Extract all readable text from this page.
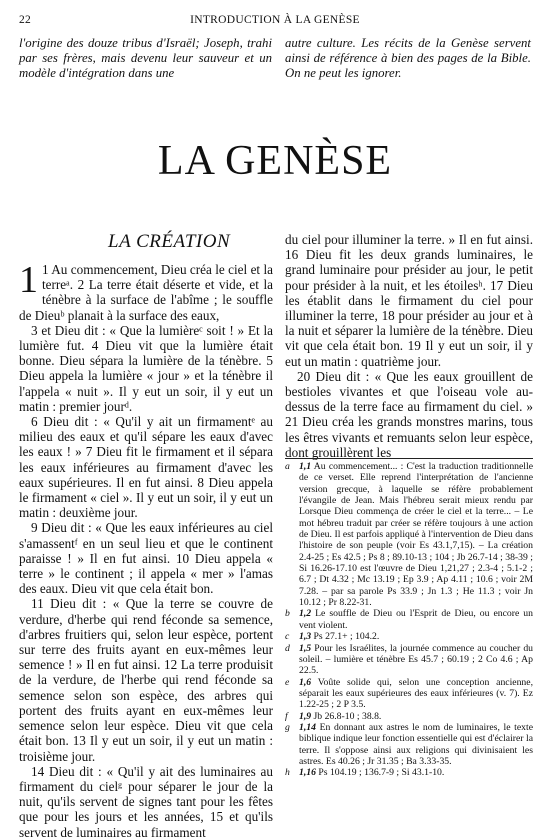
22	INTRODUCTION À LA GENÈSE

l'origine des douze tribus d'Israël; Joseph, trahi par ses frères, mais devenu leur sauveur et un modèle d'intégration dans une

autre culture. Les récits de la Genèse servent ainsi de référence à bien des pages de la Bible. On ne peut les ignorer.

LA GENÈSE
LA CRÉATION
1 1 Au commencement, Dieu créa le ciel et la terreᵃ. 2 La terre était déserte et vide, et la ténèbre à la surface de l'abîme ; le souffle de Dieuᵇ planait à la surface des eaux,

3 et Dieu dit : « Que la lumièreᶜ soit ! » Et la lumière fut. 4 Dieu vit que la lumière était bonne. Dieu sépara la lumière de la ténèbre. 5 Dieu appela la lumière « jour » et la ténèbre il l'appela « nuit ». Il y eut un soir, il y eut un matin : premier jourᵈ.

6 Dieu dit : « Qu'il y ait un firmamentᵉ au milieu des eaux et qu'il sépare les eaux d'avec les eaux ! » 7 Dieu fit le firmament et il sépara les eaux inférieures au firmament d'avec les eaux supérieures. Il en fut ainsi. 8 Dieu appela le firmament « ciel ». Il y eut un soir, il y eut un matin : deuxième jour.

9 Dieu dit : « Que les eaux inférieures au ciel s'amassentᶠ en un seul lieu et que le continent paraisse ! » Il en fut ainsi. 10 Dieu appela « terre » le continent ; il appela « mer » l'amas des eaux. Dieu vit que cela était bon.

11 Dieu dit : « Que la terre se couvre de verdure, d'herbe qui rend féconde sa semence, d'arbres fruitiers qui, selon leur espèce, portent sur terre des fruits ayant en eux-mêmes leur semence ! » Il en fut ainsi. 12 La terre produisit de la verdure, de l'herbe qui rend féconde sa semence selon son espèce, des arbres qui portent des fruits ayant en eux-mêmes leur semence selon leur espèce. Dieu vit que cela était bon. 13 Il y eut un soir, il y eut un matin : troisième jour.

14 Dieu dit : « Qu'il y ait des luminaires au firmament du cielᵍ pour séparer le jour de la nuit, qu'ils servent de signes tant pour les fêtes que pour les jours et les années, 15 et qu'ils servent de luminaires au firmament

du ciel pour illuminer la terre. » Il en fut ainsi. 16 Dieu fit les deux grands luminaires, le grand luminaire pour présider au jour, le petit pour présider à la nuit, et les étoilesʰ. 17 Dieu les établit dans le firmament du ciel pour illuminer la terre, 18 pour présider au jour et à la nuit et séparer la lumière de la ténèbre. Dieu vit que cela était bon. 19 Il y eut un soir, il y eut un matin : quatrième jour.

20 Dieu dit : « Que les eaux grouillent de bestioles vivantes et que l'oiseau vole au-dessus de la terre face au firmament du ciel. » 21 Dieu créa les grands monstres marins, tous les êtres vivants et remuants selon leur espèce, dont grouillèrent les

a 1,1 Au commencement... : C'est la traduction traditionnelle de ce verset. Elle reprend l'interprétation de l'ancienne version grecque, à laquelle se réfère probablement l'évangile de Jean. Mais l'hébreu serait mieux rendu par Lorsque Dieu commença de créer le ciel et la terre... – Le mot hébreu traduit par créer se réfère toujours à une action de Dieu. Il est parfois appliqué à l'intervention de Dieu dans l'histoire de son peuple (voir Es 43.1,7,15). – La création 2.4-25 ; Es 42.5 ; Ps 8 ; 89.10-13 ; 104 ; Jb 26.7-14 ; 38-39 ; Si 16.26-17.10 est l'œuvre de Dieu 1,21,27 ; 2.3-4 ; 5.1-2 ; 6.7 ; Dt 4.32 ; Mc 13.19 ; Ep 3.9 ; Ap 4.11 ; 10.6 ; voir 2M 7.28. – par sa parole Ps 33.9 ; Jn 1.3 ; He 11.3 ; voir Jn 10.12 ; Pr 8.22-31.
b 1,2 Le souffle de Dieu ou l'Esprit de Dieu, ou encore un vent violent.
c 1,3 Ps 27.1+ ; 104.2.
d 1,5 Pour les Israélites, la journée commence au coucher du soleil. – lumière et ténèbre Es 45.7 ; 60.19 ; 2 Co 4.6 ; Ap 22.5.
e 1,6 Voûte solide qui, selon une conception ancienne, séparait les eaux supérieures des eaux inférieures (v. 7). Ez 1.22-25 ; 2 P 3.5.
f	1,9 Jb 26.8-10 ; 38.8.
g 1,14 En donnant aux astres le nom de luminaires, le texte biblique indique leur fonction essentielle qui est d'éclairer la terre. Il s'oppose ainsi aux religions qui divinisaient les astres. Es 40.26 ; Jr 31.35 ; Ba 3.33-35.
h 1,16 Ps 104.19 ; 136.7-9 ; Si 43.1-10.
